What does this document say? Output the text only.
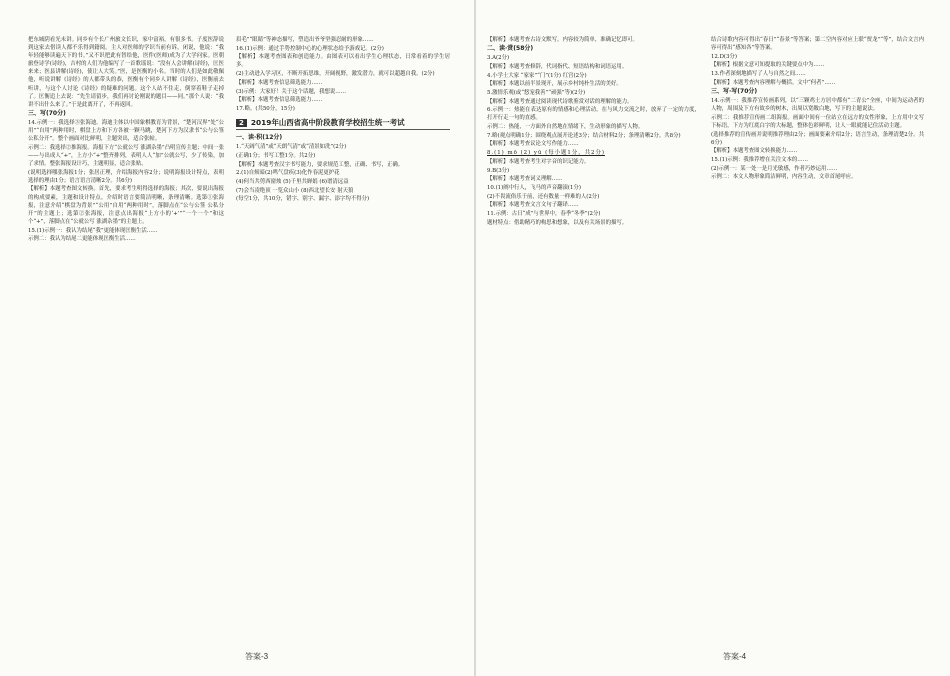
把东城阴看光未讲。同乡有个长广州旅文长识，家中富裕，有很多书。子度医辞说到这家去借读人都不乐得到籍阅。主人对医师的学识当前有诉，闭说，他说：“我年轻能够读遍天下的书。”又不识把此有智给他，医件(医师)成为了大学问家。医朝旅登诗学(诗经)，吉村的人们为他编写了一首歌谣说：“没有人会讲解(诗经)，匡医来来；医县讲解(诗经)，使让人大笑。”医，是医衡的小名。当时的人们是如此敬佩他，听说讲解《诗经》的人都带头的恭，医衡有个同乡人讲解《诗经》，医衡前去听讲，与这个人讨论《诗经》的疑难的问题。这个人站不住走，倒穿着鞋子走掉了。匡衡追上去说：“先生请留步，我们再讨论刚说的题目——同。”那个人说：“我讲不出什么来了。”于是此离开了，不再返回。

三、写(70分)

14.示例一：我选择③张海迪。海迪主体以中国象棋教育为背景，“楚河汉界”处“公用”“自用”两种用时，棋盘上方和下方各被一颗马跳，楚河下方为汉隶书“公与公签 公私分开”。整个画面对比鲜明，主题突出，适合张帖。

示例二：我选择②推海报。海报下方“公就公写 涨湖杂墨”凸明宣传主题；中间一张——与出成人“+”，上方小“+”整齐排列，表明人人“加”公就公写，少了传染，加了求情。整张海报设计巧，主题明显，适合张贴。

(说明选择哪张海报1分；张居正理，介绍海报内容2分；说明海报设计特点，表明选择的理由1分；语言语言清晰2分。共6分)

【解析】本题考查图文转换。首先，要求考生明得选择的海报；其次，要说出海报的构成要素，主题和设计特点。介绍时语言要简洁明晰，条理清晰。选第①张海报，注意介绍“棋盘为背景”“公用”自用“两种用时”，落脚点在“公与公签 公私分开”的主题上；选第②张海报，注意点出海报“上方小的‘+’”“一个一个”和这个“+”，落脚点在“公就公写 涨湖杂墨”的主题上。

15.(1)示例一：我认为结尾“我”更能体现匡衡生活……

示例二：我认为结尾二更能体现匡衡生活……

眉毛”“眼睛”等神态描写，塑造出爷爷坚强忍耐的形象……

16.(1)示例：通过手势控制中心的心理状态给予游戏记。(2分)

【解析】本题考查图表和创造能力。由图表可以看出学生心理状态，日常看着的学生居多。

(2)主动进入学习区，不断开拓思维，开阔视野，激发潜力，就可以超越自我。(2分)

【解析】本题考查信息筛选能力……

(3)示例：大家好！关于这个话题，我想说……

【解析】本题考查信息筛选能力……

17.略。(共50分，15分)

2 2019年山西省高中阶段教育学校招生统一考试
一、读·积(12分)

1.“天阔气清”或“天朗气清”或“清景如洗”(2分)

(正确1分；书写工整1分。共2分)

【解析】本题考查汉字书写能力，要求规范工整，正确、书写，正确。

2.(1)自烦暗(2)鸣气盘疾(3)化作春泥更护花

(4)何当共剪西窗烛 (5)千里共婵娟 (6)谱清远益

(7)会当凌绝顶 一览众山小 (8)西北望长安 射天狼

(每空1分，共10分，错字、别字、漏字、添字均不得分)

答案-3

【解析】本题考查古诗文默写。内容较为简单，准确记忆即可。

二、读·赏(58分)

3.A(2分)

【解析】本题考查修辞，代词指代、短语结构和词语运用。

4.小学士大家 “家家”“门”(1分) 红宫(2分)

【解析】本题以前半景现开，展示乡村纯朴生活的美好。

5.激情乐观(或“悠宠我善”“顽强”等)(2分)

【解析】本题考查通过阅读现代诗歌鉴赏对话的理解的能力。

6.示例一：热能在表达原有的情感和心理活动，在与风力交流之时，放弃了一定的力度，打开行走一句的直感。

示例二：热能，一方面外自然地在情绪下，生动形象的描写人物。

7.略(观点明确1分；围绕观点展开论述3分；结合材料2分；条理清晰2分。共8分)

【解析】本题考查议论文写作能力……

8.(1) mō (2) yū (每小题1分，共2分)

【解析】本题考查考生对字音的识记能力。

9.B(3分)

【解析】本题考查词义理解……

10.(1)阐中行人，飞马的声音翻滚(1分)

(2)不畏流俗乐于前，还有数量一样难的人(2分)

【解析】本题考查文言文句子翻译……

11.示例：古日“成”与世界中，春季“冬季”(2分)

题材特点：借助精巧的构思和想象，以及有关场景的描写。

结合诗歌内容可得出“春日”“春景”等答案；第二空内容对应上联“贾龙”“等”，结合文言内容可得出“感知各”等答案。

12.D(3分)

【解析】根据文意可知提取的关键要点中为……

13.作者深刻地描写了人与自然之间……

【解析】本题考查内容理解与概括。文中“何者”……

三、写·写(70分)

14.示例一：我推荐宣传画系列，以“三颗鸡士方居中都有“二青公”全座，中间为运动者的人物，周围及下方有故乡的树木，出周以宽敞白地，写下的主题说法。

示例二：我推荐宣传画二组海报。画面中间有一位站立在远方的女性形象，上方用中文写下标语，下方为红底白字的大标题，整体色彩鲜明，让人一眼就能记住活动主题。

(选择推荐的宣传画并说明推荐理由2分；画面要素介绍2分；语言生动，条理清楚2分。共6分)

【解析】本题考查图文转换能力……

15.(1)示例：我推荐增在关注文本的……

(2)示例一：某一处一是月光敏感，作者巧妙运用……

示例二：本文人物形象简洁鲜明，内容生动，文章首尾呼应。

答案-4
